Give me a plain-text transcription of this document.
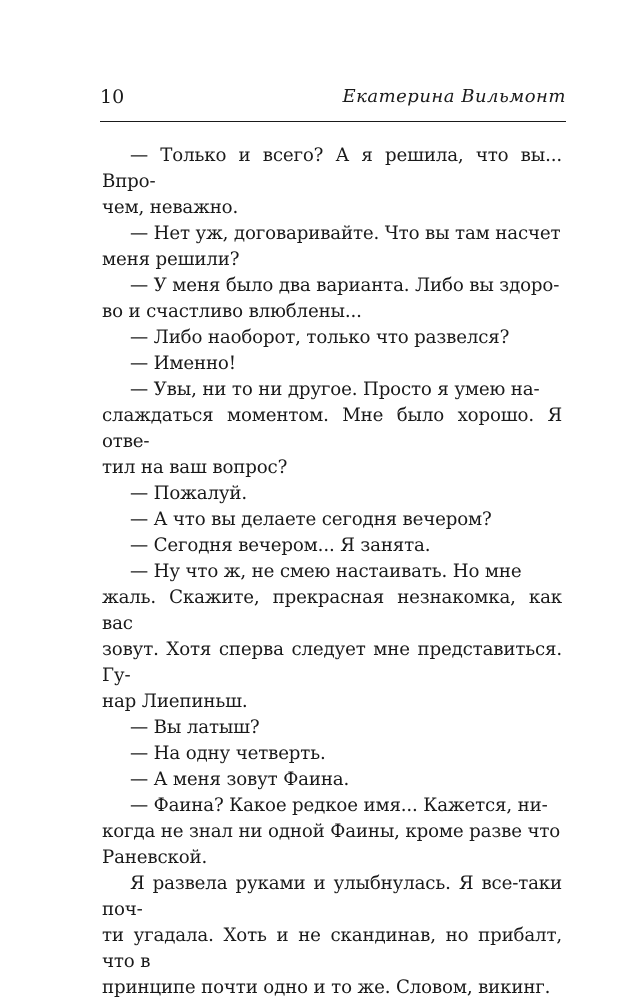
10	Екатерина Вильмонт

— Только и всего? А я решила, что вы... Впро-
чем, неважно.

— Нет уж, договаривайте. Что вы там насчет
меня решили?

— У меня было два варианта. Либо вы здоро-
во и счастливо влюблены...

— Либо наоборот, только что развелся?

— Именно!

— Увы, ни то ни другое. Просто я умею на-
слаждаться моментом. Мне было хорошо. Я отве-
тил на ваш вопрос?

— Пожалуй.

— А что вы делаете сегодня вечером?

— Сегодня вечером... Я занята.

— Ну что ж, не смею настаивать. Но мне
жаль. Скажите, прекрасная незнакомка, как вас
зовут. Хотя сперва следует мне представиться. Гу-
нар Лиепиньш.

— Вы латыш?

— На одну четверть.

— А меня зовут Фаина.

— Фаина? Какое редкое имя... Кажется, ни-
когда не знал ни одной Фаины, кроме разве что
Раневской.

Я развела руками и улыбнулась. Я все-таки поч-
ти угадала. Хоть и не скандинав, но прибалт, что в
принципе почти одно и то же. Словом, викинг.
